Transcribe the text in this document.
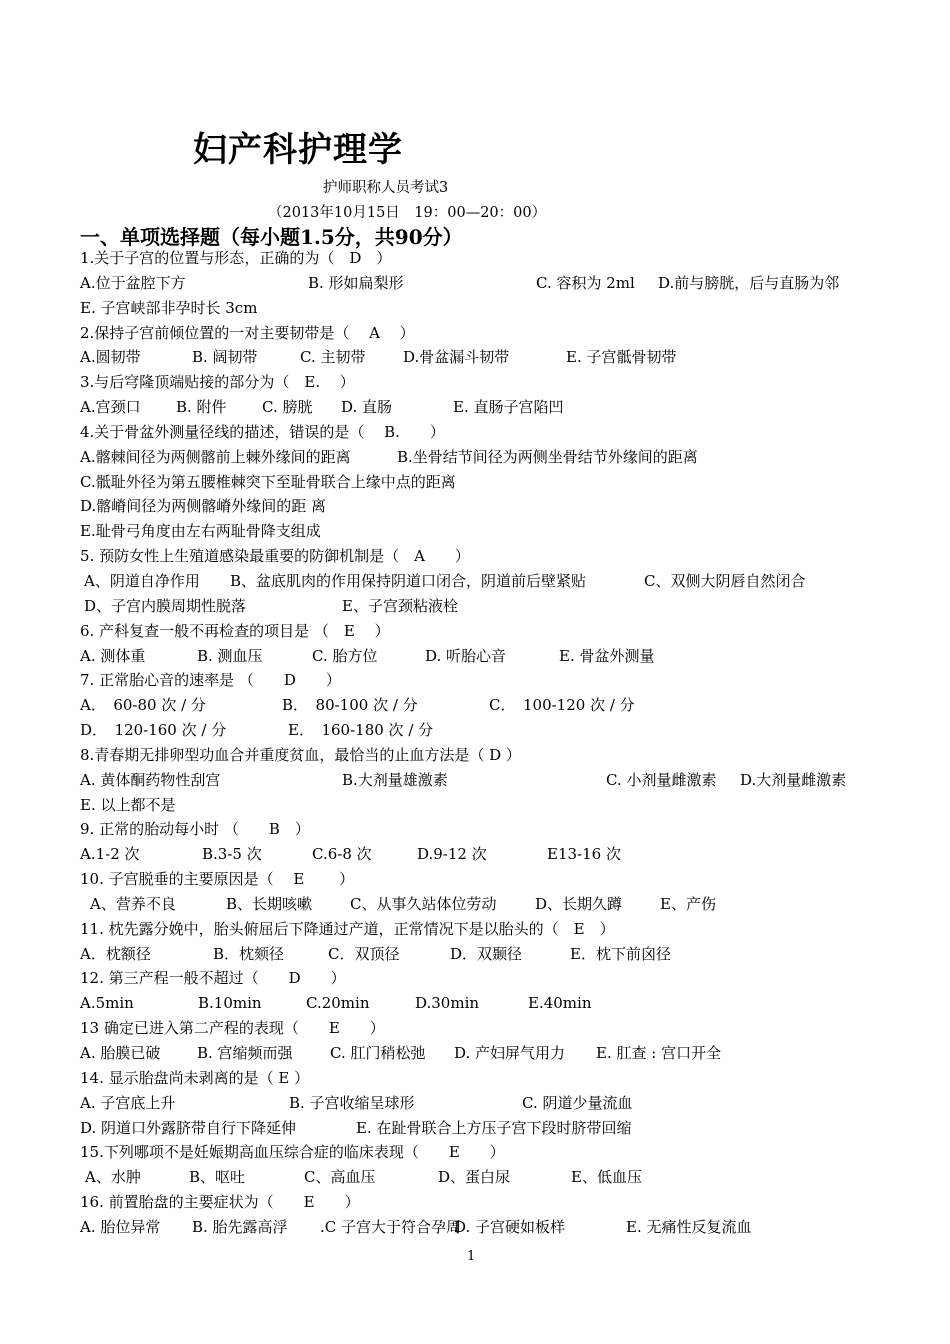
妇产科护理学
护师职称人员考试3
（2013年10月15日　19：00—20：00）
一、单项选择题（每小题1.5分，共90分）
1.关于子宫的位置与形态，正确的为（　D　）
A.位于盆腔下方	B. 形如扁梨形	C. 容积为 2ml D.前与膀胱，后与直肠为邻
E. 子宫峡部非孕时长 3cm
2.保持子宫前倾位置的一对主要韧带是（　 A　 ）
A.圆韧带	B. 阔韧带	C. 主韧带	D.骨盆漏斗韧带	E. 子宫骶骨韧带
3.与后穹隆顶端贴接的部分为（　E.　 ）
A.宫颈口 B. 附件 C. 膀胱 D. 直肠	E. 直肠子宫陷凹
4.关于骨盆外测量径线的描述，错误的是（　 B.　　）
A.髂棘间径为两侧髂前上棘外缘间的距离	B.坐骨结节间径为两侧坐骨结节外缘间的距离
C.骶耻外径为第五腰椎棘突下至耻骨联合上缘中点的距离
D.髂嵴间径为两侧髂嵴外缘间的距 离
E.耻骨弓角度由左右两耻骨降支组成
5. 预防女性上生殖道感染最重要的防御机制是（　A　　）
A、阴道自净作用 B、盆底肌肉的作用保持阴道口闭合，阴道前后壁紧贴	C、双侧大阴唇自然闭合
D、子宫内膜周期性脱落	E、子宫颈粘液栓
6. 产科复查一般不再检查的项目是 （　E　 ）
A. 测体重	B. 测血压	C. 胎方位	D. 听胎心音	E. 骨盆外测量
7. 正常胎心音的速率是 （　　D　　）
A．　60-80 次 / 分	B．　80-100 次 / 分	C．　100-120 次 / 分
D．　120-160 次 / 分	E．　160-180 次 / 分
8.青春期无排卵型功血合并重度贫血，最恰当的止血方法是（ D ）
A. 黄体酮药物性刮宫	B.大剂量雄激素	C. 小剂量雌激素 D.大剂量雌激素
E. 以上都不是
9. 正常的胎动每小时 （　　B　）
A.1-2 次	B.3-5 次	C.6-8 次	D.9-12 次	E13-16 次
10. 子宫脱垂的主要原因是（　 E　　 ）
A、营养不良	B、长期咳嗽	C、从事久站体位劳动	D、长期久蹲	E、产伤
11. 枕先露分娩中，胎头俯屈后下降通过产道，正常情况下是以胎头的（　E　）
A．枕额径	B．枕颏径	C．双顶径	D．双颞径	E．枕下前囟径
12. 第三产程一般不超过（　　D　　）
A.5min	B.10min	C.20min	D.30min	E.40min
13 确定已进入第二产程的表现（　　E　　）
A. 胎膜已破 B. 宫缩频而强 C. 肛门稍松弛 D. 产妇屏气用力 E. 肛查 : 宫口开全
14. 显示胎盘尚未剥离的是（ E ）
A. 子宫底上升	B. 子宫收缩呈球形	C. 阴道少量流血
D. 阴道口外露脐带自行下降延伸	E. 在趾骨联合上方压子宫下段时脐带回缩
15.下列哪项不是妊娠期高血压综合症的临床表现（　　E　　）
A、水肿	B、呕吐	C、高血压	D、蛋白尿	E、低血压
16. 前置胎盘的主要症状为（　　E　　）
A. 胎位异常 B. 胎先露高浮 .C 子宫大于符合孕周
D. 子宫硬如板样	E. 无痛性反复流血
1
